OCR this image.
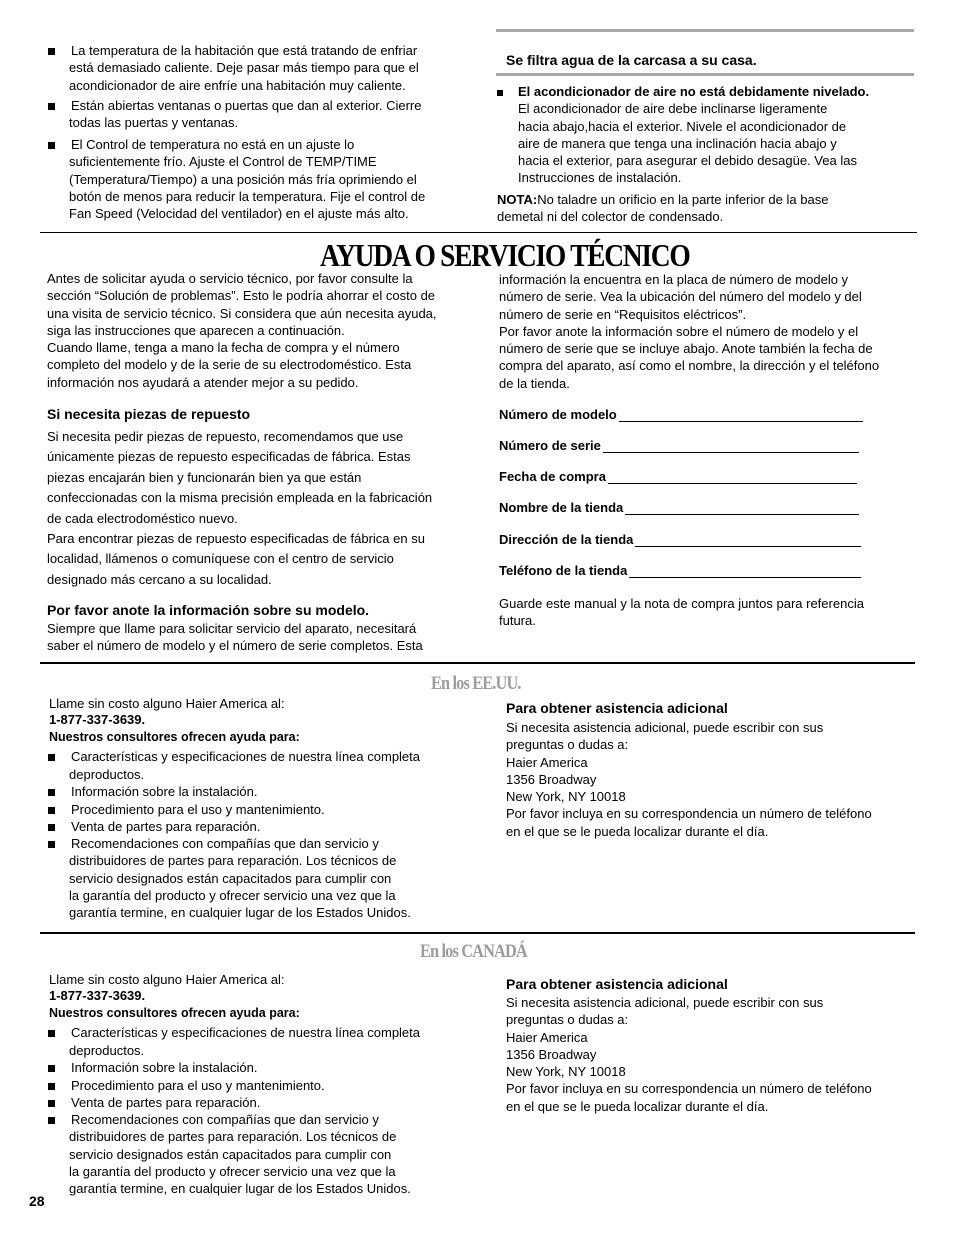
La temperatura de la habitación que está tratando de enfriar
está demasiado caliente. Deje pasar más tiempo para que el
acondicionador de aire enfríe una habitación muy caliente.
Están abiertas ventanas o puertas que dan al exterior. Cierre
todas las puertas y ventanas.
El Control de temperatura no está en un ajuste lo
suficientemente frío. Ajuste el Control de TEMP/TIME
(Temperatura/Tiempo) a una posición más fría oprimiendo el
botón de menos para reducir la temperatura. Fije el control de
Fan Speed (Velocidad del ventilador) en el ajuste más alto.
Se filtra agua de la carcasa a su casa.
El acondicionador de aire no está debidamente nivelado.
El acondicionador de aire debe inclinarse ligeramente
hacia abajo,hacia el exterior. Nivele el acondicionador de
aire de manera que tenga una inclinación hacia abajo y
hacia el exterior, para asegurar el debido desagüe. Vea las
Instrucciones de instalación.
NOTA:No taladre un orificio en la parte inferior de la base
demetal ni del colector de condensado.
AYUDA O SERVICIO TÉCNICO
Antes de solicitar ayuda o servicio técnico, por favor consulte la
sección “Solución de problemas”. Esto le podría ahorrar el costo de
una visita de servicio técnico. Si considera que aún necesita ayuda,
siga las instrucciones que aparecen a continuación.
Cuando llame, tenga a mano la fecha de compra y el número
completo del modelo y de la serie de su electrodoméstico. Esta
información nos ayudará a atender mejor a su pedido.
Si necesita piezas de repuesto
Si necesita pedir piezas de repuesto, recomendamos que use
únicamente piezas de repuesto especificadas de fábrica. Estas
piezas encajarán bien y funcionarán bien ya que están
confeccionadas con la misma precisión empleada en la fabricación
de cada electrodoméstico nuevo.
Para encontrar piezas de repuesto especificadas de fábrica en su
localidad, llámenos o comuníquese con el centro de servicio
designado más cercano a su localidad.
Por favor anote la información sobre su modelo.
Siempre que llame para solicitar servicio del aparato, necesitará
saber el número de modelo y el número de serie completos. Esta
información la encuentra en la placa de número de modelo y
número de serie. Vea la ubicación del número del modelo y del
número de serie en “Requisitos eléctricos”.
Por favor anote la información sobre el número de modelo y el
número de serie que se incluye abajo. Anote también la fecha de
compra del aparato, así como el nombre, la dirección y el teléfono
de la tienda.
Número de modelo
Número de serie
Fecha de compra
Nombre de la tienda
Dirección de la tienda
Teléfono de la tienda
Guarde este manual y la nota de compra juntos para referencia
futura.
En los EE.UU.
Llame sin costo alguno Haier America al:
1-877-337-3639.
Nuestros consultores ofrecen ayuda para:
Características y especificaciones de nuestra línea completa
deproductos.
Información sobre la instalación.
Procedimiento para el uso y mantenimiento.
Venta de partes para reparación.
Recomendaciones con compañías que dan servicio y
distribuidores de partes para reparación. Los técnicos de
servicio designados están capacitados para cumplir con
la garantía del producto y ofrecer servicio una vez que la
garantía termine, en cualquier lugar de los Estados Unidos.
Para obtener asistencia adicional
Si necesita asistencia adicional, puede escribir con sus
preguntas o dudas a:
Haier America
1356 Broadway
New York, NY 10018
Por favor incluya en su correspondencia un número de teléfono
en el que se le pueda localizar durante el día.
En los CANADÁ
Llame sin costo alguno Haier America al:
1-877-337-3639.
Nuestros consultores ofrecen ayuda para:
Características y especificaciones de nuestra línea completa
deproductos.
Información sobre la instalación.
Procedimiento para el uso y mantenimiento.
Venta de partes para reparación.
Recomendaciones con compañías que dan servicio y
distribuidores de partes para reparación. Los técnicos de
servicio designados están capacitados para cumplir con
la garantía del producto y ofrecer servicio una vez que la
garantía termine, en cualquier lugar de los Estados Unidos.
Para obtener asistencia adicional
Si necesita asistencia adicional, puede escribir con sus
preguntas o dudas a:
Haier America
1356 Broadway
New York, NY 10018
Por favor incluya en su correspondencia un número de teléfono
en el que se le pueda localizar durante el día.
28
